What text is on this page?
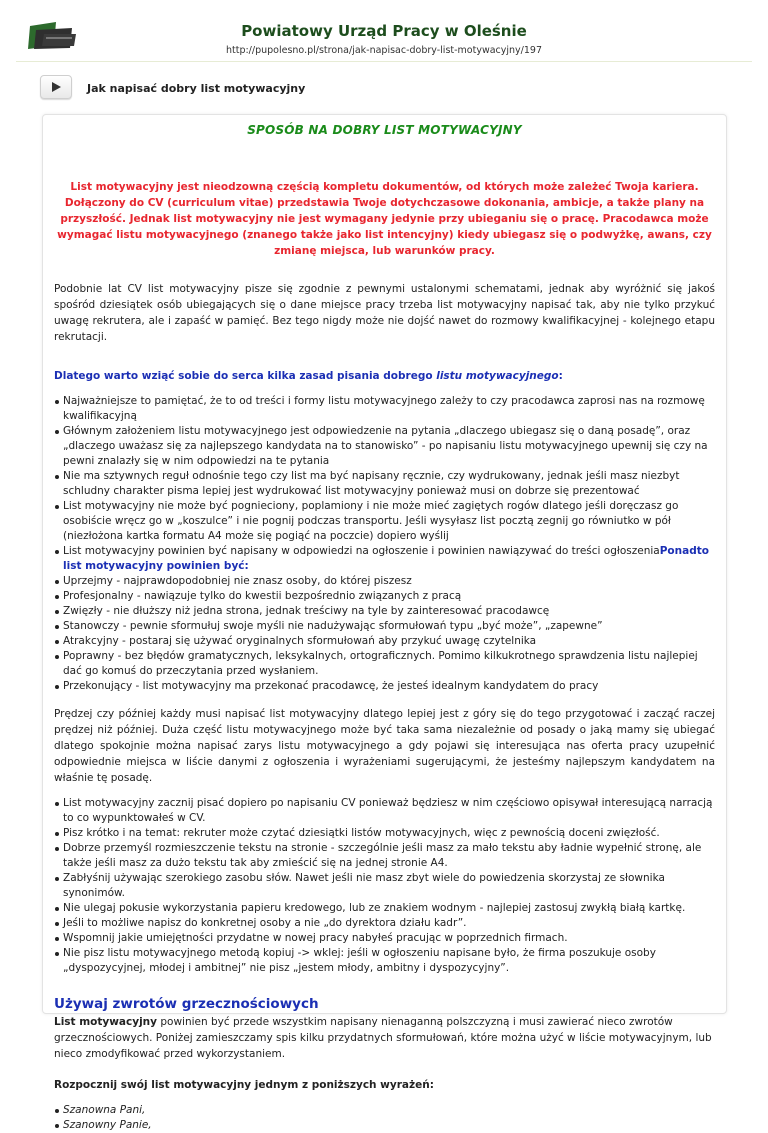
Powiatowy Urząd Pracy w Oleśnie
http://pupolesno.pl/strona/jak-napisac-dobry-list-motywacyjny/197
Jak napisać dobry list motywacyjny
SPOSÓB NA DOBRY LIST MOTYWACYJNY
List motywacyjny jest nieodzowną częścią kompletu dokumentów, od których może zależeć Twoja kariera. Dołączony do CV (curriculum vitae) przedstawia Twoje dotychczasowe dokonania, ambicje, a także plany na przyszłość. Jednak list motywacyjny nie jest wymagany jedynie przy ubieganiu się o pracę. Pracodawca może wymagać listu motywacyjnego (znanego także jako list intencyjny) kiedy ubiegasz się o podwyżkę, awans, czy zmianę miejsca, lub warunków pracy.
Podobnie lat CV list motywacyjny pisze się zgodnie z pewnymi ustalonymi schematami, jednak aby wyróżnić się jakoś spośród dziesiątek osób ubiegających się o dane miejsce pracy trzeba list motywacyjny napisać tak, aby nie tylko przykuć uwagę rekrutera, ale i zapaść w pamięć. Bez tego nigdy może nie dojść nawet do rozmowy kwalifikacyjnej - kolejnego etapu rekrutacji.
Dlatego warto wziąć sobie do serca kilka zasad pisania dobrego listu motywacyjnego:
Najważniejsze to pamiętać, że to od treści i formy listu motywacyjnego zależy to czy pracodawca zaprosi nas na rozmowę kwalifikacyjną
Głównym założeniem listu motywacyjnego jest odpowiedzenie na pytania „dlaczego ubiegasz się o daną posadę”, oraz „dlaczego uważasz się za najlepszego kandydata na to stanowisko” - po napisaniu listu motywacyjnego upewnij się czy na pewni znalazły się w nim odpowiedzi na te pytania
Nie ma sztywnych reguł odnośnie tego czy list ma być napisany ręcznie, czy wydrukowany, jednak jeśli masz niezbyt schludny charakter pisma lepiej jest wydrukować list motywacyjny ponieważ musi on dobrze się prezentować
List motywacyjny nie może być pognieciony, poplamiony i nie może mieć zagiętych rogów dlatego jeśli doręczasz go osobiście wręcz go w „koszulce” i nie pognij podczas transportu. Jeśli wysyłasz list pocztą zegnij go równiutko w pół (niezłożona kartka formatu A4 może się pogiąć na poczcie) dopiero wyślij
List motywacyjny powinien być napisany w odpowiedzi na ogłoszenie i powinien nawiązywać do treści ogłoszeniaPonadto list motywacyjny powinien być:
Uprzejmy - najprawdopodobniej nie znasz osoby, do której piszesz
Profesjonalny - nawiązuje tylko do kwestii bezpośrednio związanych z pracą
Zwięzły - nie dłuższy niż jedna strona, jednak treściwy na tyle by zainteresować pracodawcę
Stanowczy - pewnie sformułuj swoje myśli nie nadużywając sformułowań typu „być może”, „zapewne”
Atrakcyjny - postaraj się używać oryginalnych sformułowań aby przykuć uwagę czytelnika
Poprawny - bez błędów gramatycznych, leksykalnych, ortograficznych. Pomimo kilkukrotnego sprawdzenia listu najlepiej dać go komuś do przeczytania przed wysłaniem.
Przekonujący - list motywacyjny ma przekonać pracodawcę, że jesteś idealnym kandydatem do pracy
Prędzej czy później każdy musi napisać list motywacyjny dlatego lepiej jest z góry się do tego przygotować i zacząć raczej prędzej niż później. Duża część listu motywacyjnego może być taka sama niezależnie od posady o jaką mamy się ubiegać dlatego spokojnie można napisać zarys listu motywacyjnego a gdy pojawi się interesująca nas oferta pracy uzupełnić odpowiednie miejsca w liście danymi z ogłoszenia i wyrażeniami sugerującymi, że jesteśmy najlepszym kandydatem na właśnie tę posadę.
List motywacyjny zacznij pisać dopiero po napisaniu CV ponieważ będziesz w nim częściowo opisywał interesującą narracją to co wypunktowałeś w CV.
Pisz krótko i na temat: rekruter może czytać dziesiątki listów motywacyjnych, więc z pewnością doceni zwięzłość.
Dobrze przemyśl rozmieszczenie tekstu na stronie - szczególnie jeśli masz za mało tekstu aby ładnie wypełnić stronę, ale także jeśli masz za dużo tekstu tak aby zmieścić się na jednej stronie A4.
Zabłyśnij używając szerokiego zasobu słów. Nawet jeśli nie masz zbyt wiele do powiedzenia skorzystaj ze słownika synonimów.
Nie ulegaj pokusie wykorzystania papieru kredowego, lub ze znakiem wodnym - najlepiej zastosuj zwykłą białą kartkę.
Jeśli to możliwe napisz do konkretnej osoby a nie „do dyrektora działu kadr”.
Wspomnij jakie umiejętności przydatne w nowej pracy nabyłeś pracując w poprzednich firmach.
Nie pisz listu motywacyjnego metodą kopiuj -> wklej: jeśli w ogłoszeniu napisane było, że firma poszukuje osoby „dyspozycyjnej, młodej i ambitnej” nie pisz „jestem młody, ambitny i dyspozycyjny”.
Używaj zwrotów grzecznościowych
List motywacyjny powinien być przede wszystkim napisany nienaganną polszczyzną i musi zawierać nieco zwrotów grzecznościowych. Poniżej zamieszczamy spis kilku przydatnych sformułowań, które można użyć w liście motywacyjnym, lub nieco zmodyfikować przed wykorzystaniem.
Rozpocznij swój list motywacyjny jednym z poniższych wyrażeń:
Szanowna Pani,
Szanowny Panie,
